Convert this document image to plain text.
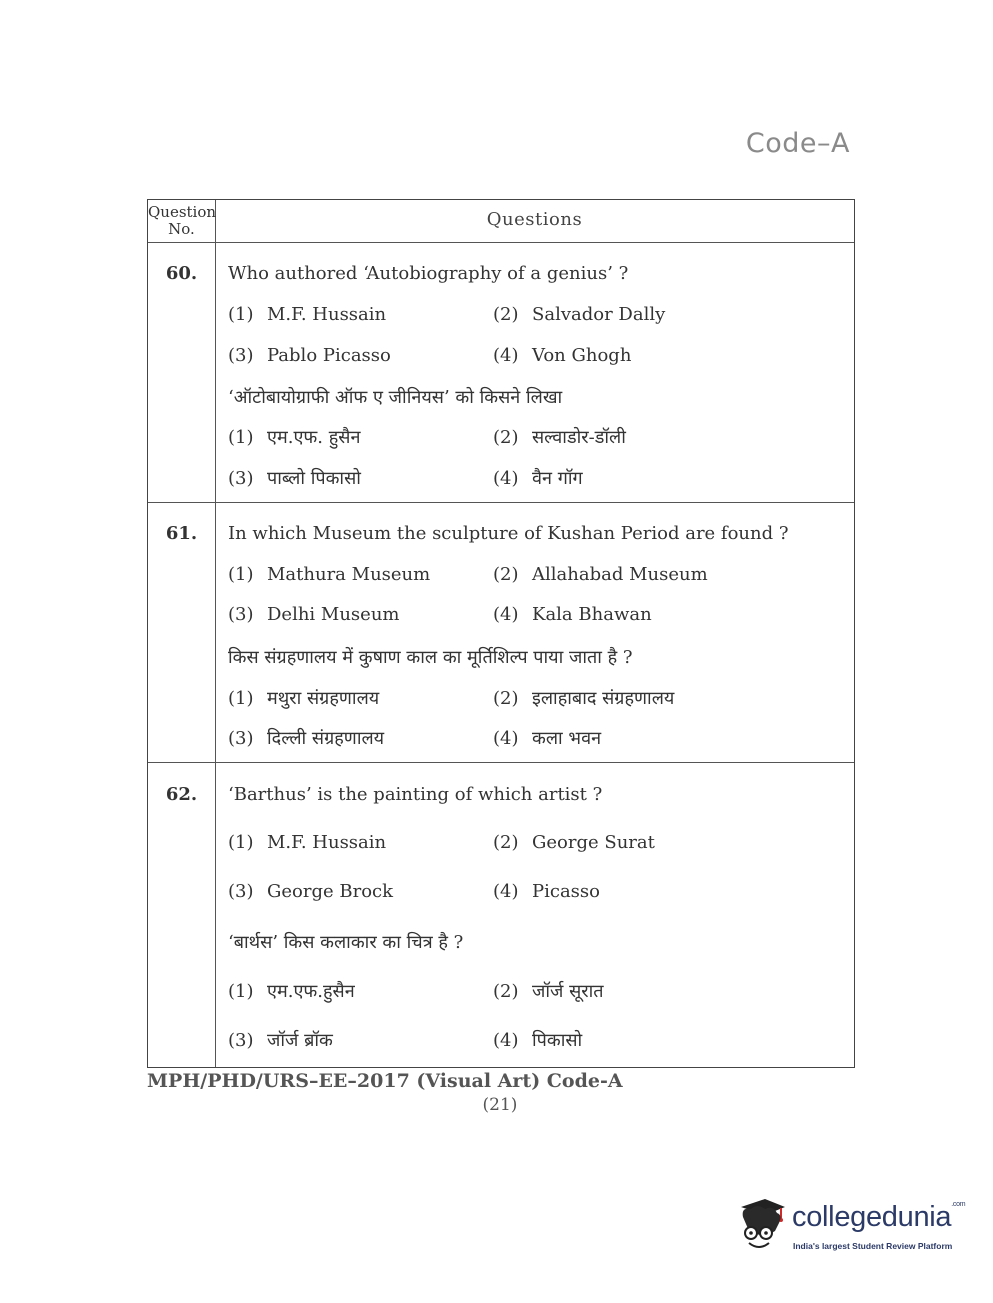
Code–A
Question
No.	Questions
60.	Who authored ‘Autobiography of a genius’ ?
(1) M.F. Hussain	(2) Salvador Dally
(3) Pablo Picasso	(4) Von Ghogh
‘ऑटोबायोग्राफी ऑफ ए जीनियस’ को किसने लिखा
(1) एम.एफ. हुसैन	(2) सल्वाडोर-डॉली
(3) पाब्लो पिकासो	(4) वैन गॉग
61.	In which Museum the sculpture of Kushan Period are found ?
(1) Mathura Museum	(2) Allahabad Museum
(3) Delhi Museum	(4) Kala Bhawan
किस संग्रहणालय में कुषाण काल का मूर्तिशिल्प पाया जाता है ?
(1) मथुरा संग्रहणालय	(2) इलाहाबाद संग्रहणालय
(3) दिल्ली संग्रहणालय	(4) कला भवन
62.	‘Barthus’ is the painting of which artist ?
(1) M.F. Hussain	(2) George Surat
(3) George Brock	(4) Picasso
‘बार्थस’ किस कलाकार का चित्र है ?
(1) एम.एफ.हुसैन	(2) जॉर्ज सूरात
(3) जॉर्ज ब्रॉक	(4) पिकासो
MPH/PHD/URS–EE–2017 (Visual Art) Code-A
(21)
collegedunia$^{.com}$
India's largest Student Review Platform
